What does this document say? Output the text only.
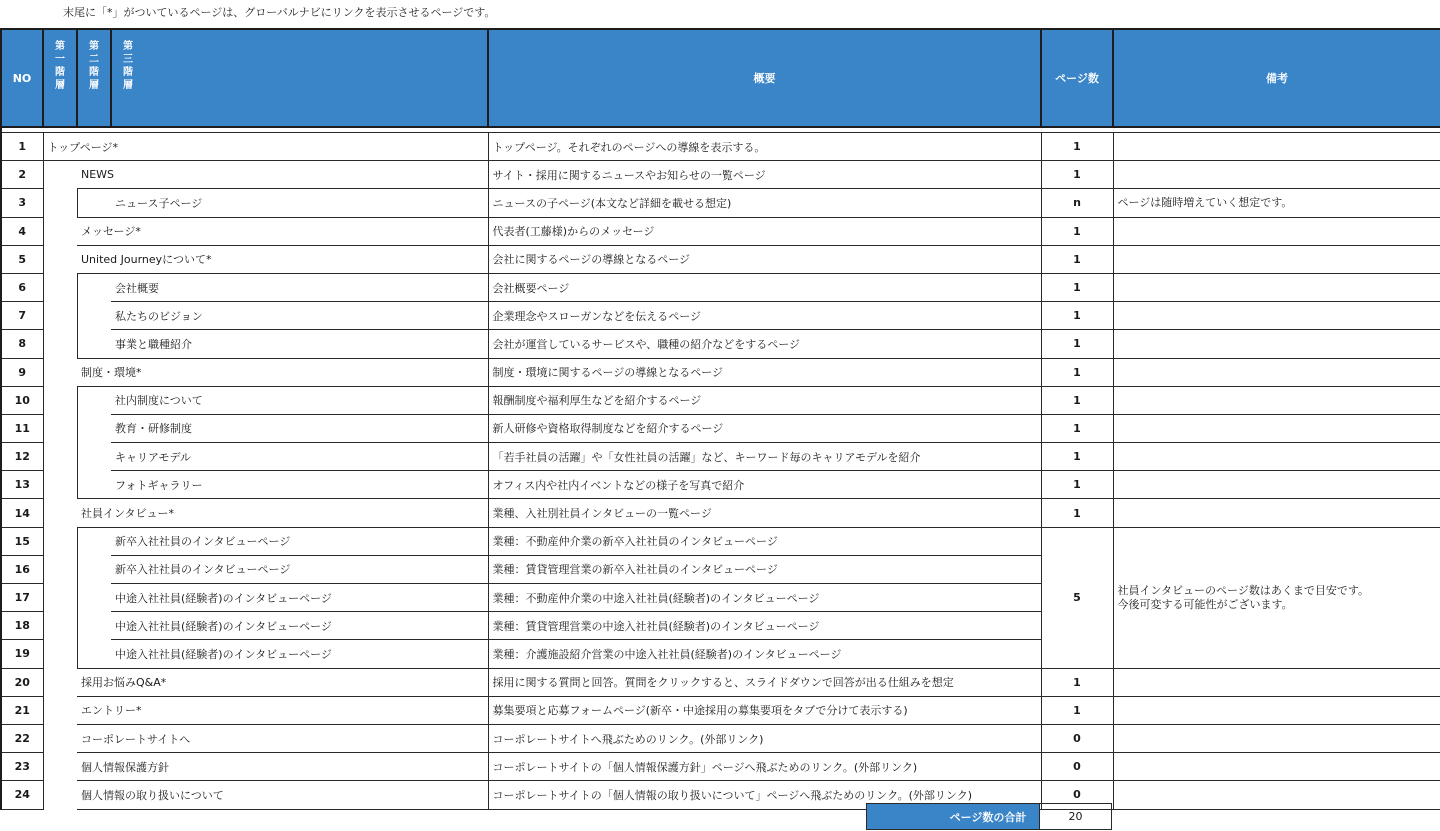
末尾に「*」がついているページは、グローバルナビにリンクを表示させるページです。
NO	第一階層	第二階層	第三階層	概要	ページ数	備考

1	トップページ*			トップページ。それぞれのページへの導線を表示する。	1	

2		NEWS		サイト・採用に関するニュースやお知らせの一覧ページ	1	

3			ニュース子ページ	ニュースの子ページ(本文など詳細を載せる想定)	n	ページは随時増えていく想定です。

4		メッセージ*		代表者(工藤様)からのメッセージ	1	

5		United Journeyについて*		会社に関するページの導線となるページ	1	

6			会社概要	会社概要ページ	1	

7			私たちのビジョン	企業理念やスローガンなどを伝えるページ	1	

8			事業と職種紹介	会社が運営しているサービスや、職種の紹介などをするページ	1	

9		制度・環境*		制度・環境に関するページの導線となるページ	1	

10			社内制度について	報酬制度や福利厚生などを紹介するページ	1	

11			教育・研修制度	新人研修や資格取得制度などを紹介するページ	1	

12			キャリアモデル	「若手社員の活躍」や「女性社員の活躍」など、キーワード毎のキャリアモデルを紹介	1	

13			フォトギャラリー	オフィス内や社内イベントなどの様子を写真で紹介	1	

14		社員インタビュー*		業種、入社別社員インタビューの一覧ページ	1	

15			新卒入社社員のインタビューページ	業種：不動産仲介業の新卒入社社員のインタビューページ	5	社員インタビューのページ数はあくまで目安です。
今後可変する可能性がございます。

16			新卒入社社員のインタビューページ	業種：賃貸管理営業の新卒入社社員のインタビューページ		
17			中途入社社員(経験者)のインタビューページ	業種：不動産仲介業の中途入社社員(経験者)のインタビューページ		
18			中途入社社員(経験者)のインタビューページ	業種：賃貸管理営業の中途入社社員(経験者)のインタビューページ		
19			中途入社社員(経験者)のインタビューページ	業種：介護施設紹介営業の中途入社社員(経験者)のインタビューページ		
20		採用お悩みQ&A*		採用に関する質問と回答。質問をクリックすると、スライドダウンで回答が出る仕組みを想定	1	

21		エントリー*		募集要項と応募フォームページ(新卒・中途採用の募集要項をタブで分けて表示する)	1	

22		コーポレートサイトへ		コーポレートサイトへ飛ぶためのリンク。(外部リンク)	0	

23		個人情報保護方針		コーポレートサイトの「個人情報保護方針」ページへ飛ぶためのリンク。(外部リンク)	0	

24		個人情報の取り扱いについて		コーポレートサイトの「個人情報の取り扱いについて」ページへ飛ぶためのリンク。(外部リンク)	0	
ページ数の合計	20
